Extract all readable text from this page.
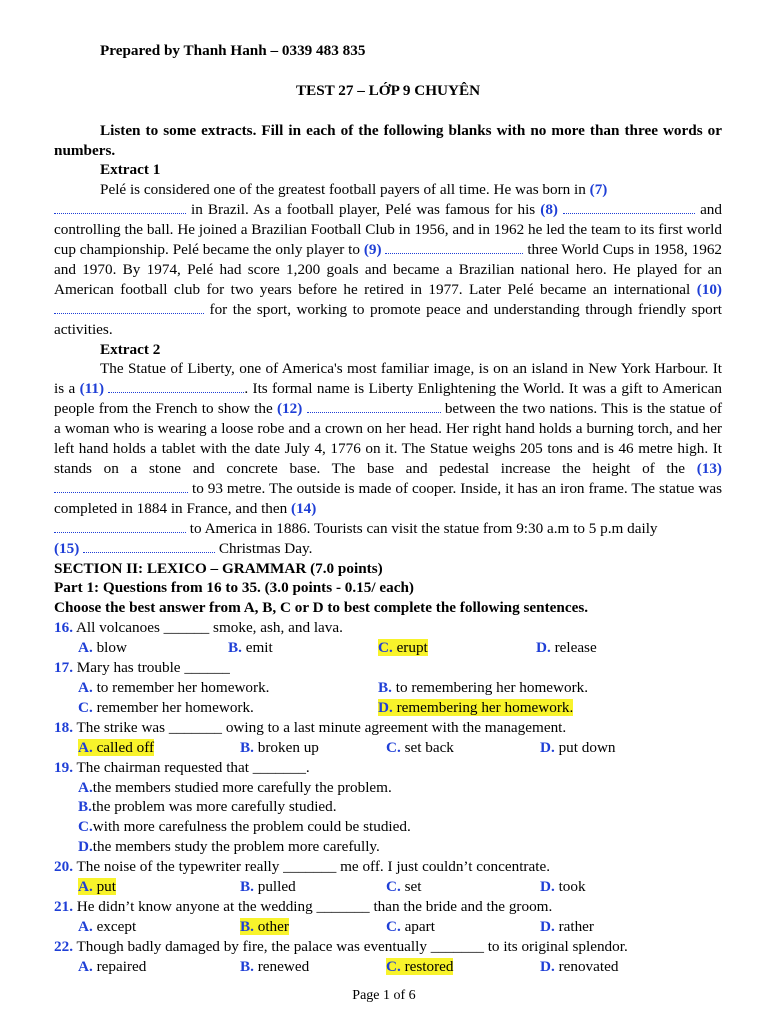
Prepared by Thanh Hanh – 0339 483 835

TEST 27 – LỚP 9 CHUYÊN

Listen to some extracts. Fill in each of the following blanks with no more than three words or numbers.

Extract 1

Pelé is considered one of the greatest football payers of all time. He was born in (7)
in Brazil. As a football player, Pelé was famous for his (8)	and controlling the ball. He joined a Brazilian Football Club in 1956, and in 1962 he led the team to its first world cup championship. Pelé became the only player to (9)	three World Cups in 1958, 1962 and 1970. By 1974, Pelé had score 1,200 goals and became a Brazilian national hero. He played for an American football club for two years before he retired in 1977. Later Pelé became an international (10)  for the sport, working to promote peace and understanding through friendly sport activities.

Extract 2

The Statue of Liberty, one of America's most familiar image, is on an island in New York Harbour. It is a (11)	. Its formal name is Liberty Enlightening the World. It was a gift to American people from the French to show the (12)	between the two nations. This is the statue of a woman who is wearing a loose robe and a crown on her head. Her right hand holds a burning torch, and her left hand holds a tablet with the date July 4, 1776 on it. The Statue weighs 205 tons and is 46 metre high. It stands on a stone and concrete base. The base and pedestal increase the height of the (13)  to 93 metre. The outside is made of cooper. Inside, it has an iron frame. The statue was completed in 1884 in France, and then (14)
to America in 1886. Tourists can visit the statue from 9:30 a.m to 5 p.m daily
(15)	Christmas Day.

SECTION II: LEXICO – GRAMMAR (7.0 points)

Part 1: Questions from 16 to 35. (3.0 points - 0.15/ each)

Choose the best answer from A, B, C or D to best complete the following sentences.

16. All volcanoes ______ smoke, ash, and lava.

A. blow	B. emit	C. erupt	D. release

17. Mary has trouble ______

A. to remember her homework.	B. to remembering her homework.
C. remember her homework.	D. remembering her homework.

18. The strike was _______ owing to a last minute agreement with the management.

A. called off	B. broken up	C. set back	D. put down

19. The chairman requested that _______.

A. the members studied more carefully the problem.
B. the problem was more carefully studied.
C. with more carefulness the problem could be studied.
D. the members study the problem more carefully.

20. The noise of the typewriter really _______ me off. I just couldn’t concentrate.

A. put	B. pulled	C. set	D. took

21. He didn’t know anyone at the wedding _______ than the bride and the groom.

A. except	B. other	C. apart	D. rather

22. Though badly damaged by fire, the palace was eventually _______ to its original splendor.

A. repaired	B. renewed	C. restored	D. renovated
Page 1 of 6
